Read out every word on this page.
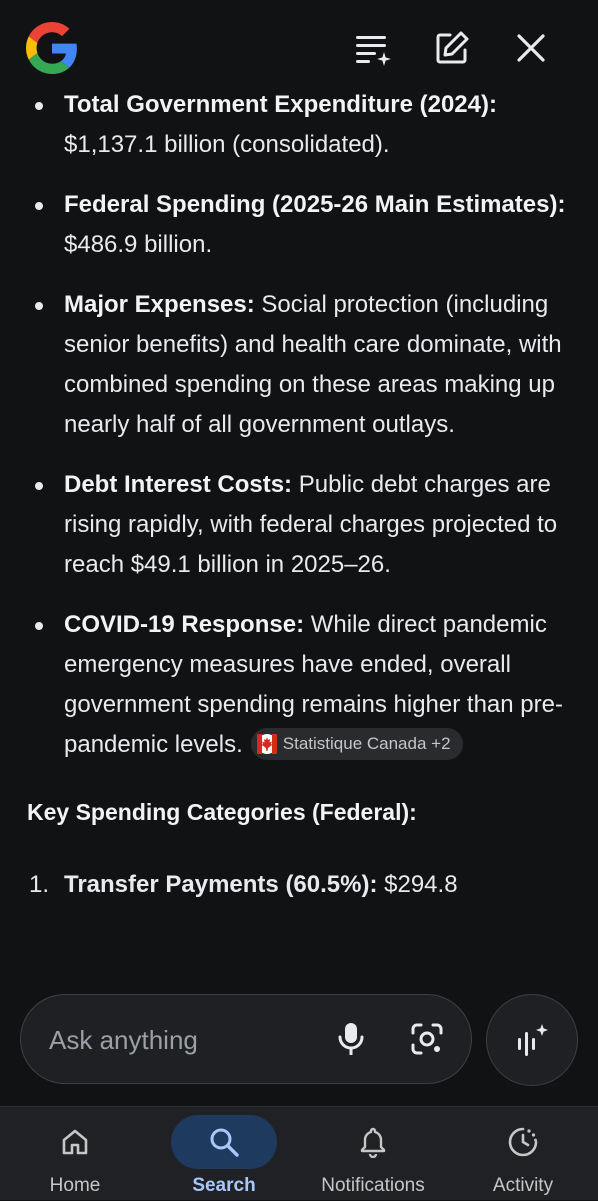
Total Government Expenditure (2024): $1,137.1 billion (consolidated).
Federal Spending (2025-26 Main Estimates): $486.9 billion.
Major Expenses: Social protection (including senior benefits) and health care dominate, with combined spending on these areas making up nearly half of all government outlays.
Debt Interest Costs: Public debt charges are rising rapidly, with federal charges projected to reach $49.1 billion in 2025–26.
COVID-19 Response: While direct pandemic emergency measures have ended, overall government spending remains higher than pre-pandemic levels. Statistique Canada +2
Key Spending Categories (Federal):
1. Transfer Payments (60.5%): $294.8
Ask anything
Home	Search	Notifications	Activity
